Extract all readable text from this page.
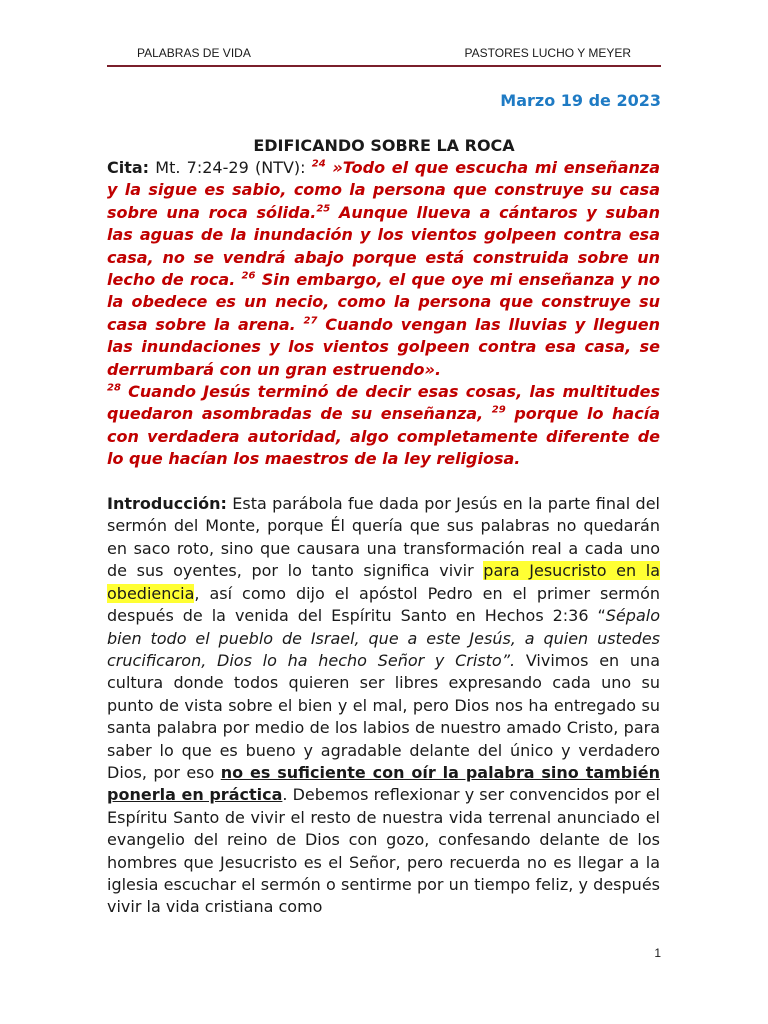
PALABRAS DE VIDA	PASTORES LUCHO Y MEYER
Marzo 19 de 2023
EDIFICANDO SOBRE LA ROCA

Cita: Mt. 7:24-29 (NTV): $^{24}$ »Todo el que escucha mi enseñanza y la sigue es sabio, como la persona que construye su casa sobre una roca sólida.$^{25}$ Aunque llueva a cántaros y suban las aguas de la inundación y los vientos golpeen contra esa casa, no se vendrá abajo porque está construida sobre un lecho de roca. $^{26}$ Sin embargo, el que oye mi enseñanza y no la obedece es un necio, como la persona que construye su casa sobre la arena. $^{27}$ Cuando vengan las lluvias y lleguen las inundaciones y los vientos golpeen contra esa casa, se derrumbará con un gran estruendo».

$^{28}$ Cuando Jesús terminó de decir esas cosas, las multitudes quedaron asombradas de su enseñanza, $^{29}$ porque lo hacía con verdadera autoridad, algo completamente diferente de lo que hacían los maestros de la ley religiosa.

Introducción: Esta parábola fue dada por Jesús en la parte final del sermón del Monte, porque Él quería que sus palabras no quedarán en saco roto, sino que causara una transformación real a cada uno de sus oyentes, por lo tanto significa vivir para Jesucristo en la obediencia, así como dijo el apóstol Pedro en el primer sermón después de la venida del Espíritu Santo en Hechos 2:36 “Sépalo bien todo el pueblo de Israel, que a este Jesús, a quien ustedes crucificaron, Dios lo ha hecho Señor y Cristo”. Vivimos en una cultura donde todos quieren ser libres expresando cada uno su punto de vista sobre el bien y el mal, pero Dios nos ha entregado su santa palabra por medio de los labios de nuestro amado Cristo, para saber lo que es bueno y agradable delante del único y verdadero Dios, por eso no es suficiente con oír la palabra sino también ponerla en práctica. Debemos reflexionar y ser convencidos por el Espíritu Santo de vivir el resto de nuestra vida terrenal anunciado el evangelio del reino de Dios con gozo, confesando delante de los hombres que Jesucristo es el Señor, pero recuerda no es llegar a la iglesia escuchar el sermón o sentirme por un tiempo feliz, y después vivir la vida cristiana como

1
